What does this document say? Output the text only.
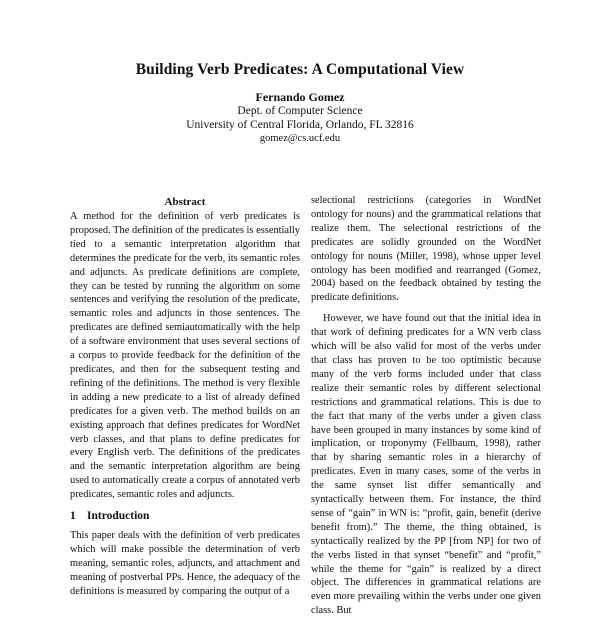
Building Verb Predicates: A Computational View
Fernando Gomez
Dept. of Computer Science
University of Central Florida, Orlando, FL 32816
gomez@cs.ucf.edu
Abstract

A method for the definition of verb predicates is proposed. The definition of the predicates is essentially tied to a semantic interpretation algorithm that determines the predicate for the verb, its semantic roles and adjuncts. As predicate definitions are complete, they can be tested by running the algorithm on some sentences and verifying the resolution of the predicate, semantic roles and adjuncts in those sentences. The predicates are defined semiautomatically with the help of a software environment that uses several sections of a corpus to provide feedback for the definition of the predicates, and then for the subsequent testing and refining of the definitions. The method is very flexible in adding a new predicate to a list of already defined predicates for a given verb. The method builds on an existing approach that defines predicates for WordNet verb classes, and that plans to define predicates for every English verb. The definitions of the predicates and the semantic interpretation algorithm are being used to automatically create a corpus of annotated verb predicates, semantic roles and adjuncts.

1 Introduction

This paper deals with the definition of verb predicates which will make possible the determination of verb meaning, semantic roles, adjuncts, and attachment and meaning of postverbal PPs. Hence, the adequacy of the definitions is measured by comparing the output of a

selectional restrictions (categories in WordNet ontology for nouns) and the grammatical relations that realize them. The selectional restrictions of the predicates are solidly grounded on the WordNet ontology for nouns (Miller, 1998), whose upper level ontology has been modified and rearranged (Gomez, 2004) based on the feedback obtained by testing the predicate definitions.

However, we have found out that the initial idea in that work of defining predicates for a WN verb class which will be also valid for most of the verbs under that class has proven to be too optimistic because many of the verb forms included under that class realize their semantic roles by different selectional restrictions and grammatical relations. This is due to the fact that many of the verbs under a given class have been grouped in many instances by some kind of implication, or troponymy (Fellbaum, 1998), rather that by sharing semantic roles in a hierarchy of predicates. Even in many cases, some of the verbs in the same synset list differ semantically and syntactically between them. For instance, the third sense of “gain” in WN is: “profit, gain, benefit (derive benefit from).” The theme, the thing obtained, is syntactically realized by the PP [from NP] for two of the verbs listed in that synset “benefit” and “profit,” while the theme for “gain” is realized by a direct object. The differences in grammatical relations are even more prevailing within the verbs under one given class. But
